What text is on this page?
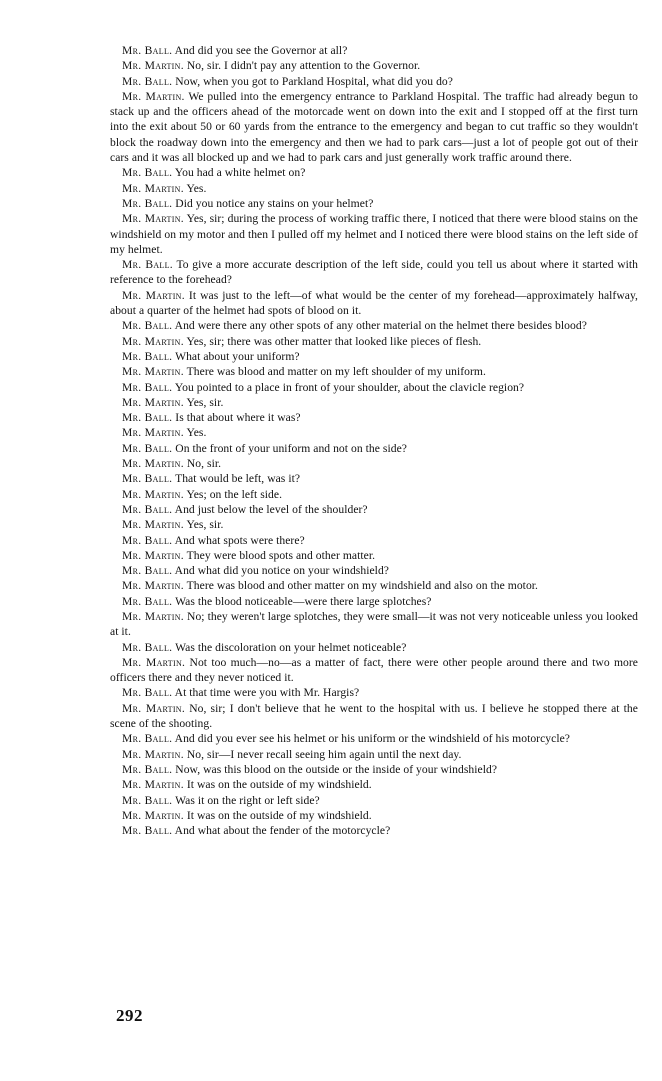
Mr. Ball. And did you see the Governor at all?

Mr. Martin. No, sir. I didn't pay any attention to the Governor.

Mr. Ball. Now, when you got to Parkland Hospital, what did you do?

Mr. Martin. We pulled into the emergency entrance to Parkland Hospital. The traffic had already begun to stack up and the officers ahead of the motorcade went on down into the exit and I stopped off at the first turn into the exit about 50 or 60 yards from the entrance to the emergency and began to cut traffic so they wouldn't block the roadway down into the emergency and then we had to park cars—just a lot of people got out of their cars and it was all blocked up and we had to park cars and just generally work traffic around there.

Mr. Ball. You had a white helmet on?

Mr. Martin. Yes.

Mr. Ball. Did you notice any stains on your helmet?

Mr. Martin. Yes, sir; during the process of working traffic there, I noticed that there were blood stains on the windshield on my motor and then I pulled off my helmet and I noticed there were blood stains on the left side of my helmet.

Mr. Ball. To give a more accurate description of the left side, could you tell us about where it started with reference to the forehead?

Mr. Martin. It was just to the left—of what would be the center of my forehead—approximately halfway, about a quarter of the helmet had spots of blood on it.

Mr. Ball. And were there any other spots of any other material on the helmet there besides blood?

Mr. Martin. Yes, sir; there was other matter that looked like pieces of flesh.

Mr. Ball. What about your uniform?

Mr. Martin. There was blood and matter on my left shoulder of my uniform.

Mr. Ball. You pointed to a place in front of your shoulder, about the clavicle region?

Mr. Martin. Yes, sir.

Mr. Ball. Is that about where it was?

Mr. Martin. Yes.

Mr. Ball. On the front of your uniform and not on the side?

Mr. Martin. No, sir.

Mr. Ball. That would be left, was it?

Mr. Martin. Yes; on the left side.

Mr. Ball. And just below the level of the shoulder?

Mr. Martin. Yes, sir.

Mr. Ball. And what spots were there?

Mr. Martin. They were blood spots and other matter.

Mr. Ball. And what did you notice on your windshield?

Mr. Martin. There was blood and other matter on my windshield and also on the motor.

Mr. Ball. Was the blood noticeable—were there large splotches?

Mr. Martin. No; they weren't large splotches, they were small—it was not very noticeable unless you looked at it.

Mr. Ball. Was the discoloration on your helmet noticeable?

Mr. Martin. Not too much—no—as a matter of fact, there were other people around there and two more officers there and they never noticed it.

Mr. Ball. At that time were you with Mr. Hargis?

Mr. Martin. No, sir; I don't believe that he went to the hospital with us. I believe he stopped there at the scene of the shooting.

Mr. Ball. And did you ever see his helmet or his uniform or the windshield of his motorcycle?

Mr. Martin. No, sir—I never recall seeing him again until the next day.

Mr. Ball. Now, was this blood on the outside or the inside of your windshield?

Mr. Martin. It was on the outside of my windshield.

Mr. Ball. Was it on the right or left side?

Mr. Martin. It was on the outside of my windshield.

Mr. Ball. And what about the fender of the motorcycle?

292
